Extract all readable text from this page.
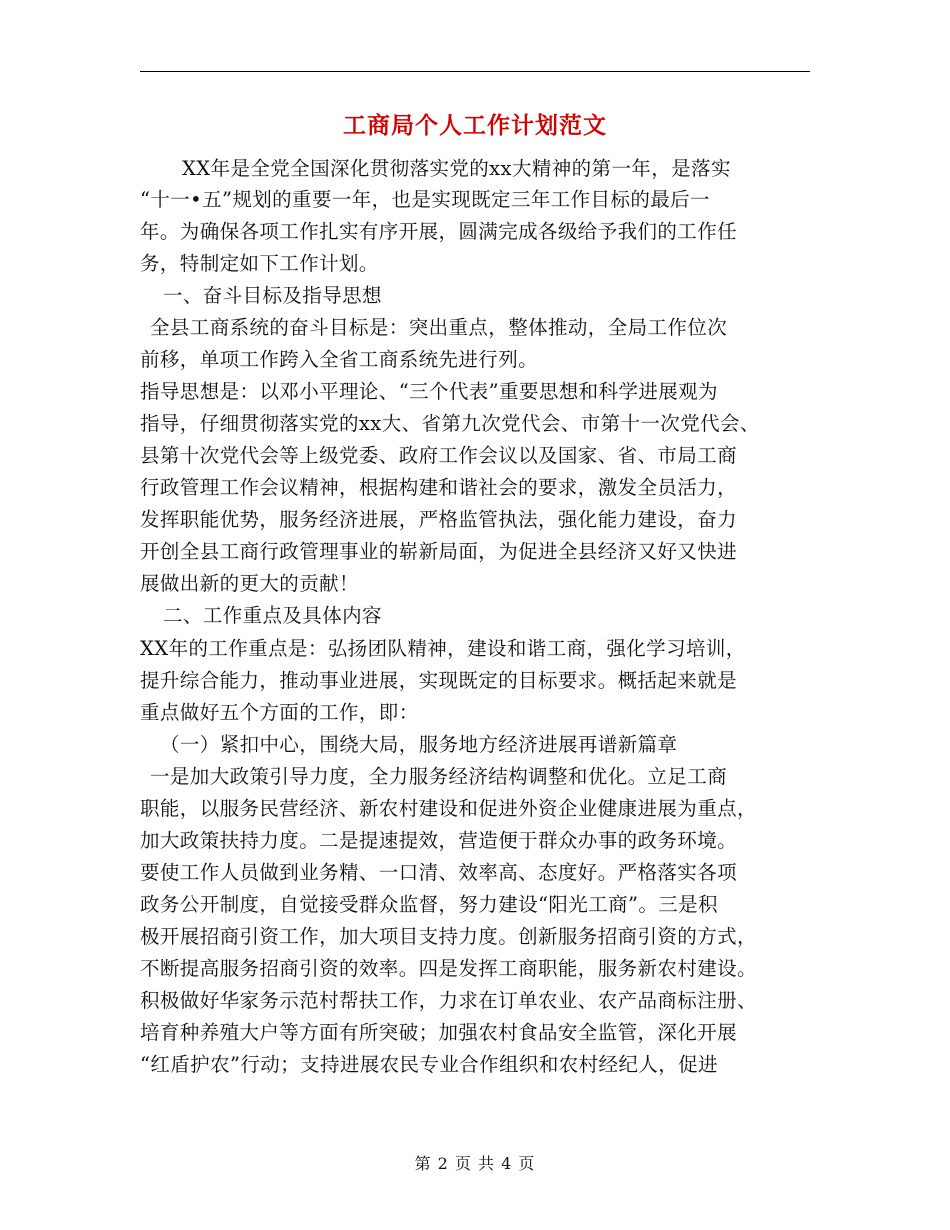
工商局个人工作计划范文
XX年是全党全国深化贯彻落实党的xx大精神的第一年，是落实
“十一•五”规划的重要一年，也是实现既定三年工作目标的最后一
年。为确保各项工作扎实有序开展，圆满完成各级给予我们的工作任
务，特制定如下工作计划。
一、奋斗目标及指导思想
全县工商系统的奋斗目标是：突出重点，整体推动，全局工作位次
前移，单项工作跨入全省工商系统先进行列。
指导思想是：以邓小平理论、“三个代表”重要思想和科学进展观为
指导，仔细贯彻落实党的xx大、省第九次党代会、市第十一次党代会、
县第十次党代会等上级党委、政府工作会议以及国家、省、市局工商
行政管理工作会议精神，根据构建和谐社会的要求，激发全员活力，
发挥职能优势，服务经济进展，严格监管执法，强化能力建设，奋力
开创全县工商行政管理事业的崭新局面，为促进全县经济又好又快进
展做出新的更大的贡献！
二、工作重点及具体内容
XX年的工作重点是：弘扬团队精神，建设和谐工商，强化学习培训，
提升综合能力，推动事业进展，实现既定的目标要求。概括起来就是
重点做好五个方面的工作，即：
（一）紧扣中心，围绕大局，服务地方经济进展再谱新篇章
一是加大政策引导力度，全力服务经济结构调整和优化。立足工商
职能，以服务民营经济、新农村建设和促进外资企业健康进展为重点，
加大政策扶持力度。二是提速提效，营造便于群众办事的政务环境。
要使工作人员做到业务精、一口清、效率高、态度好。严格落实各项
政务公开制度，自觉接受群众监督，努力建设“阳光工商”。三是积
极开展招商引资工作，加大项目支持力度。创新服务招商引资的方式，
不断提高服务招商引资的效率。四是发挥工商职能，服务新农村建设。
积极做好华家务示范村帮扶工作，力求在订单农业、农产品商标注册、
培育种养殖大户等方面有所突破；加强农村食品安全监管，深化开展
“红盾护农”行动；支持进展农民专业合作组织和农村经纪人，促进
第 2 页 共 4 页
